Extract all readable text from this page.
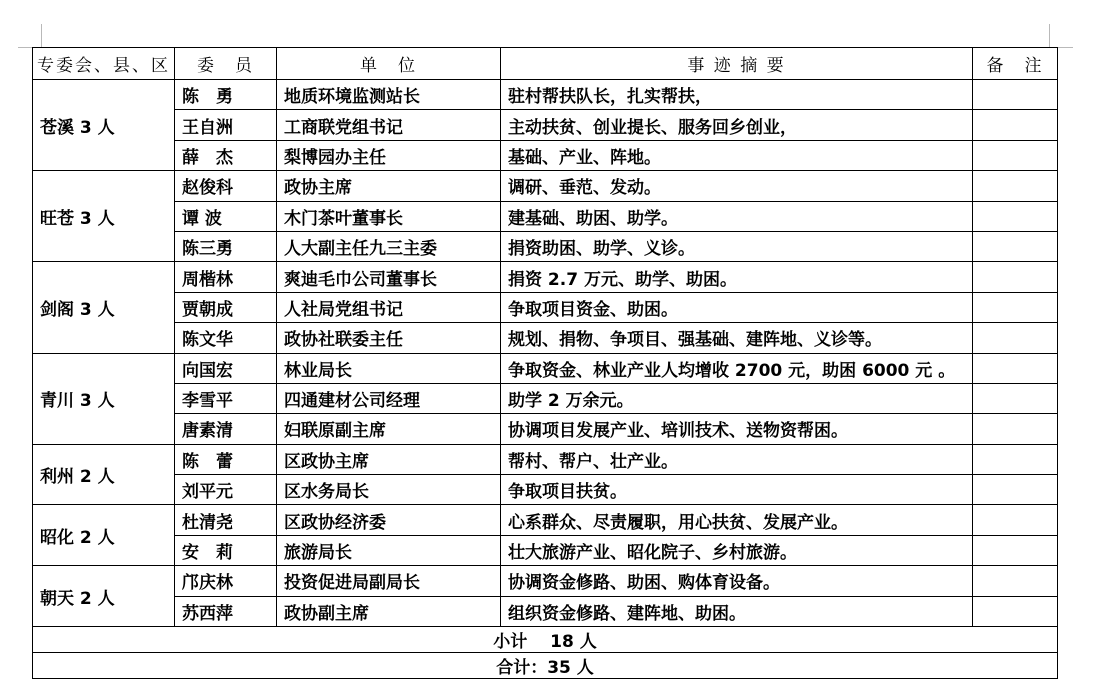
专委会、县、区	委　员	单　位	事 迹 摘 要	备　注
苍溪 3 人	陈　勇	地质环境监测站长	驻村帮扶队长，扎实帮扶，	
	王自洲	工商联党组书记	主动扶贫、创业提长、服务回乡创业，	
	薛　杰	梨博园办主任	基础、产业、阵地。	
旺苍 3 人	赵俊科	政协主席	调研、垂范、发动。	
	谭 波	木门茶叶董事长	建基础、助困、助学。	
	陈三勇	人大副主任九三主委	捐资助困、助学、义诊。	
剑阁 3 人	周楷林	爽迪毛巾公司董事长	捐资 2.7 万元、助学、助困。	
	贾朝成	人社局党组书记	争取项目资金、助困。	
	陈文华	政协社联委主任	规划、捐物、争项目、强基础、建阵地、义诊等。	
青川 3 人	向国宏	林业局长	争取资金、林业产业人均增收 2700 元，助困 6000 元 。	
	李雪平	四通建材公司经理	助学 2 万余元。	
	唐素清	妇联原副主席	协调项目发展产业、培训技术、送物资帮困。	
利州 2 人	陈　蕾	区政协主席	帮村、帮户、壮产业。	
	刘平元	区水务局长	争取项目扶贫。	
昭化 2 人	杜清尧	区政协经济委	心系群众、尽责履职，用心扶贫、发展产业。	
	安　莉	旅游局长	壮大旅游产业、昭化院子、乡村旅游。	
朝天 2 人	邝庆林	投资促进局副局长	协调资金修路、助困、购体育设备。	
	苏西萍	政协副主席	组织资金修路、建阵地、助困。	
小计　 18 人				
合计：35 人				
